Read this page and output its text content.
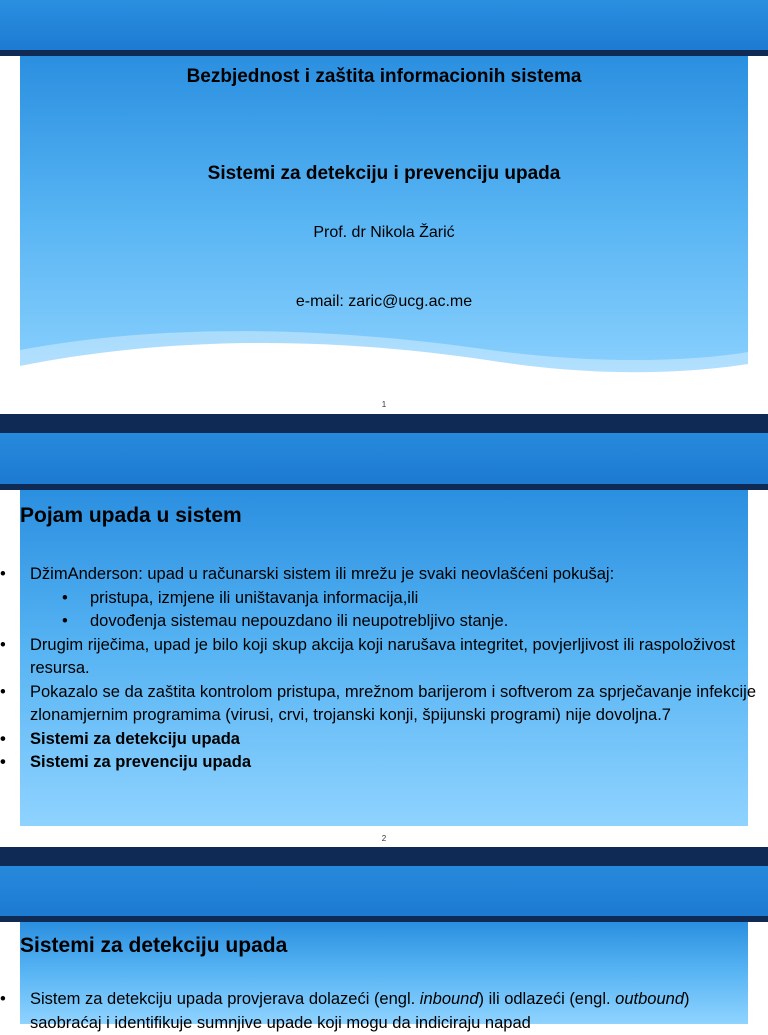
Bezbjednost i zaštita informacionih sistema
Sistemi za detekciju i prevenciju upada
Prof. dr Nikola Žarić
e-mail: zaric@ucg.ac.me
1
Pojam upada u sistem
• DžimAnderson: upad u računarski sistem ili mrežu je svaki neovlašćeni pokušaj:
• pristupa, izmjene ili uništavanja informacija,ili
• dovođenja sistemau nepouzdano ili neupotrebljivo stanje.
• Drugim riječima, upad je bilo koji skup akcija koji narušava integritet, povjerljivost ili raspoloživost resursa.
• Pokazalo se da zaštita kontrolom pristupa, mrežnom barijerom i softverom za sprječavanje infekcije zlonamjernim programima (virusi, crvi, trojanski konji, špijunski programi) nije dovoljna.7
• Sistemi za detekciju upada
• Sistemi za prevenciju upada
2
Sistemi za detekciju upada
• Sistem za detekciju upada provjerava dolazeći (engl. inbound) ili odlazeći (engl. outbound) saobraćaj i identifikuje sumnjive upade koji mogu da indiciraju napad
